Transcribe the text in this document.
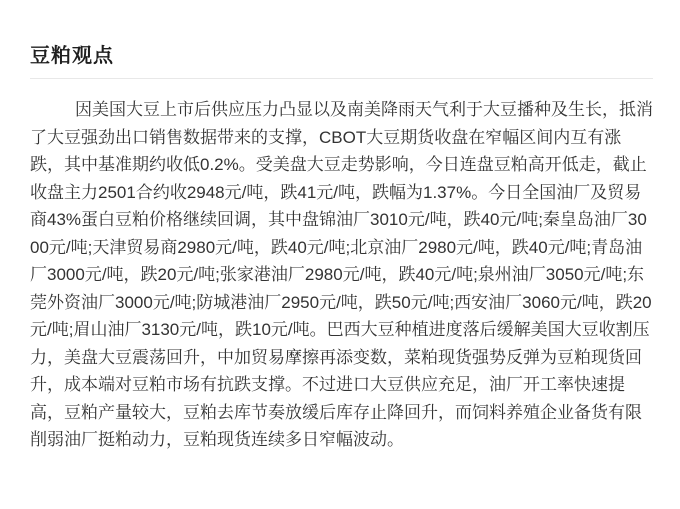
豆粕观点

因美国大豆上市后供应压力凸显以及南美降雨天气利于大豆播种及生长，抵消了大豆强劲出口销售数据带来的支撑，CBOT大豆期货收盘在窄幅区间内互有涨跌，其中基准期约收低0.2%。受美盘大豆走势影响，今日连盘豆粕高开低走，截止收盘主力2501合约收2948元/吨，跌41元/吨，跌幅为1.37%。今日全国油厂及贸易商43%蛋白豆粕价格继续回调，其中盘锦油厂3010元/吨，跌40元/吨;秦皇岛油厂3000元/吨;天津贸易商2980元/吨，跌40元/吨;北京油厂2980元/吨，跌40元/吨;青岛油厂3000元/吨，跌20元/吨;张家港油厂2980元/吨，跌40元/吨;泉州油厂3050元/吨;东莞外资油厂3000元/吨;防城港油厂2950元/吨，跌50元/吨;西安油厂3060元/吨，跌20元/吨;眉山油厂3130元/吨，跌10元/吨。巴西大豆种植进度落后缓解美国大豆收割压力，美盘大豆震荡回升，中加贸易摩擦再添变数，菜粕现货强势反弹为豆粕现货回升，成本端对豆粕市场有抗跌支撑。不过进口大豆供应充足，油厂开工率快速提高，豆粕产量较大，豆粕去库节奏放缓后库存止降回升，而饲料养殖企业备货有限削弱油厂挺粕动力，豆粕现货连续多日窄幅波动。
